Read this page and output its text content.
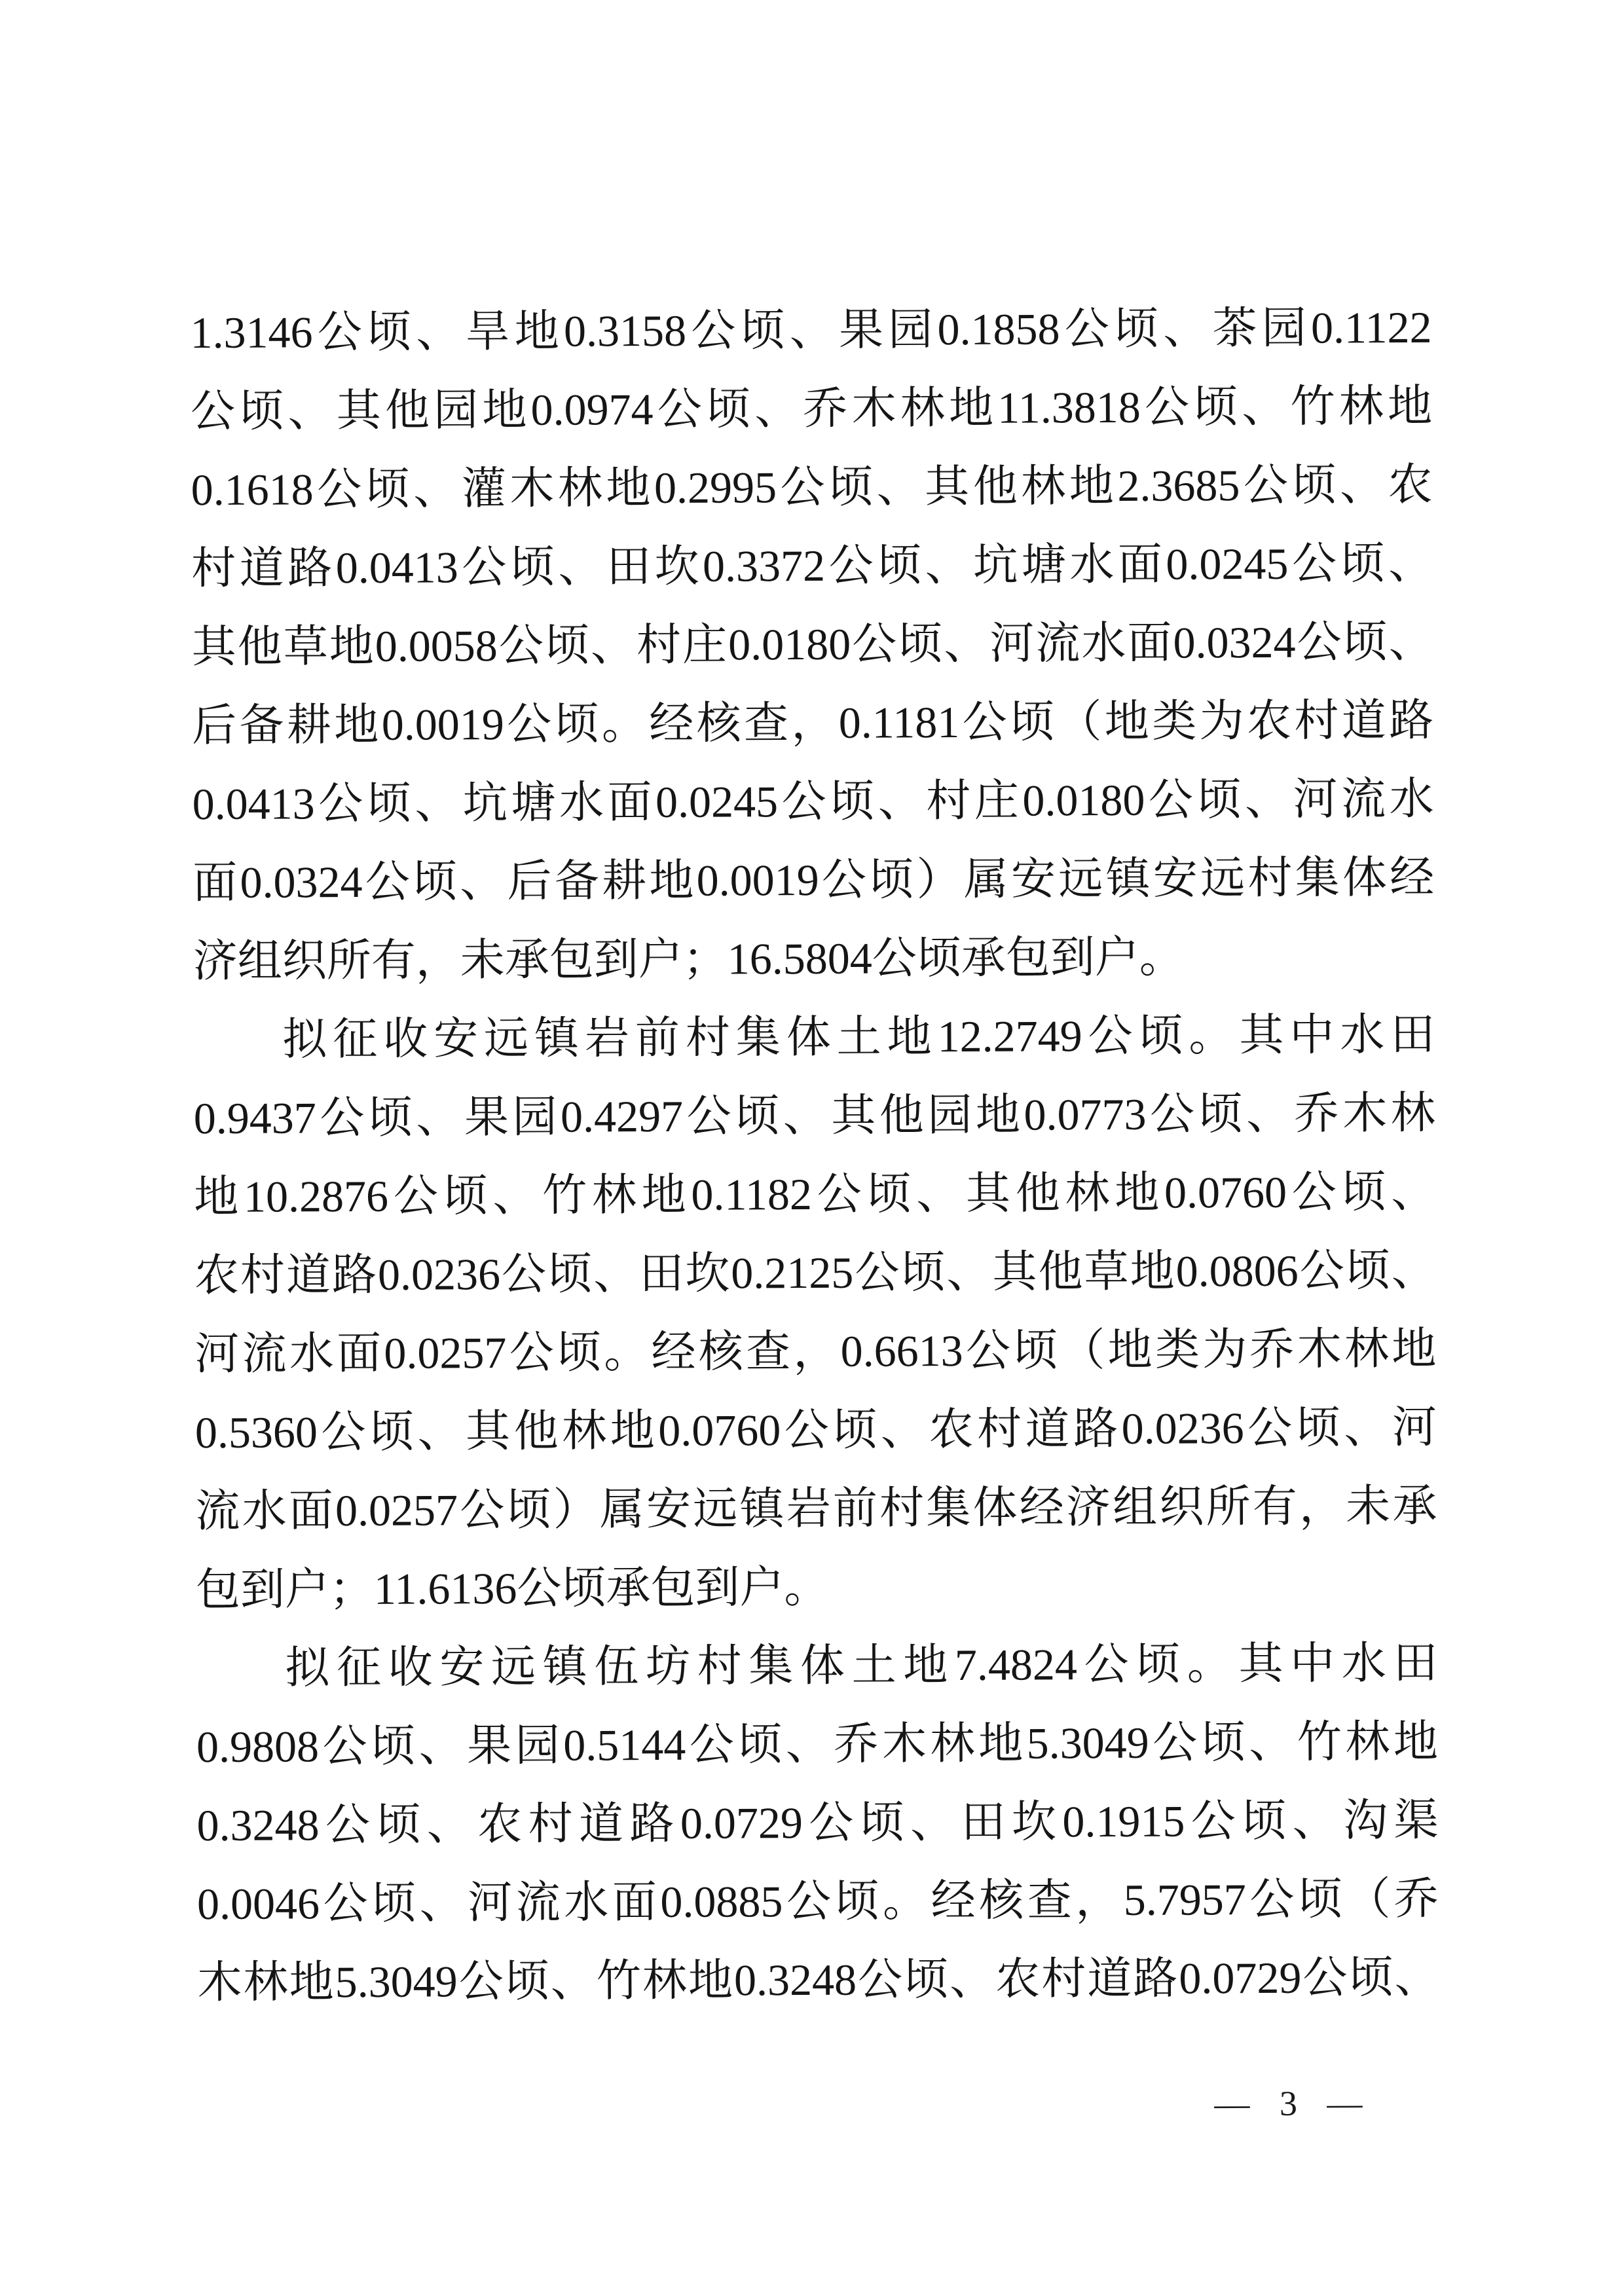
1.3146公顷、旱地0.3158公顷、果园0.1858公顷、茶园0.1122
公顷、其他园地0.0974公顷、乔木林地11.3818公顷、竹林地
0.1618公顷、灌木林地0.2995公顷、其他林地2.3685公顷、农
村道路0.0413公顷、田坎0.3372公顷、坑塘水面0.0245公顷、
其他草地0.0058公顷、村庄0.0180公顷、河流水面0.0324公顷、
后备耕地0.0019公顷。经核查，0.1181公顷（地类为农村道路
0.0413公顷、坑塘水面0.0245公顷、村庄0.0180公顷、河流水
面0.0324公顷、后备耕地0.0019公顷）属安远镇安远村集体经
济组织所有，未承包到户；16.5804公顷承包到户。
拟征收安远镇岩前村集体土地12.2749公顷。其中水田
0.9437公顷、果园0.4297公顷、其他园地0.0773公顷、乔木林
地10.2876公顷、竹林地0.1182公顷、其他林地0.0760公顷、
农村道路0.0236公顷、田坎0.2125公顷、其他草地0.0806公顷、
河流水面0.0257公顷。经核查，0.6613公顷（地类为乔木林地
0.5360公顷、其他林地0.0760公顷、农村道路0.0236公顷、河
流水面0.0257公顷）属安远镇岩前村集体经济组织所有，未承
包到户；11.6136公顷承包到户。
拟征收安远镇伍坊村集体土地7.4824公顷。其中水田
0.9808公顷、果园0.5144公顷、乔木林地5.3049公顷、竹林地
0.3248公顷、农村道路0.0729公顷、田坎0.1915公顷、沟渠
0.0046公顷、河流水面0.0885公顷。经核查，5.7957公顷（乔
木林地5.3049公顷、竹林地0.3248公顷、农村道路0.0729公顷、
— 3 —
